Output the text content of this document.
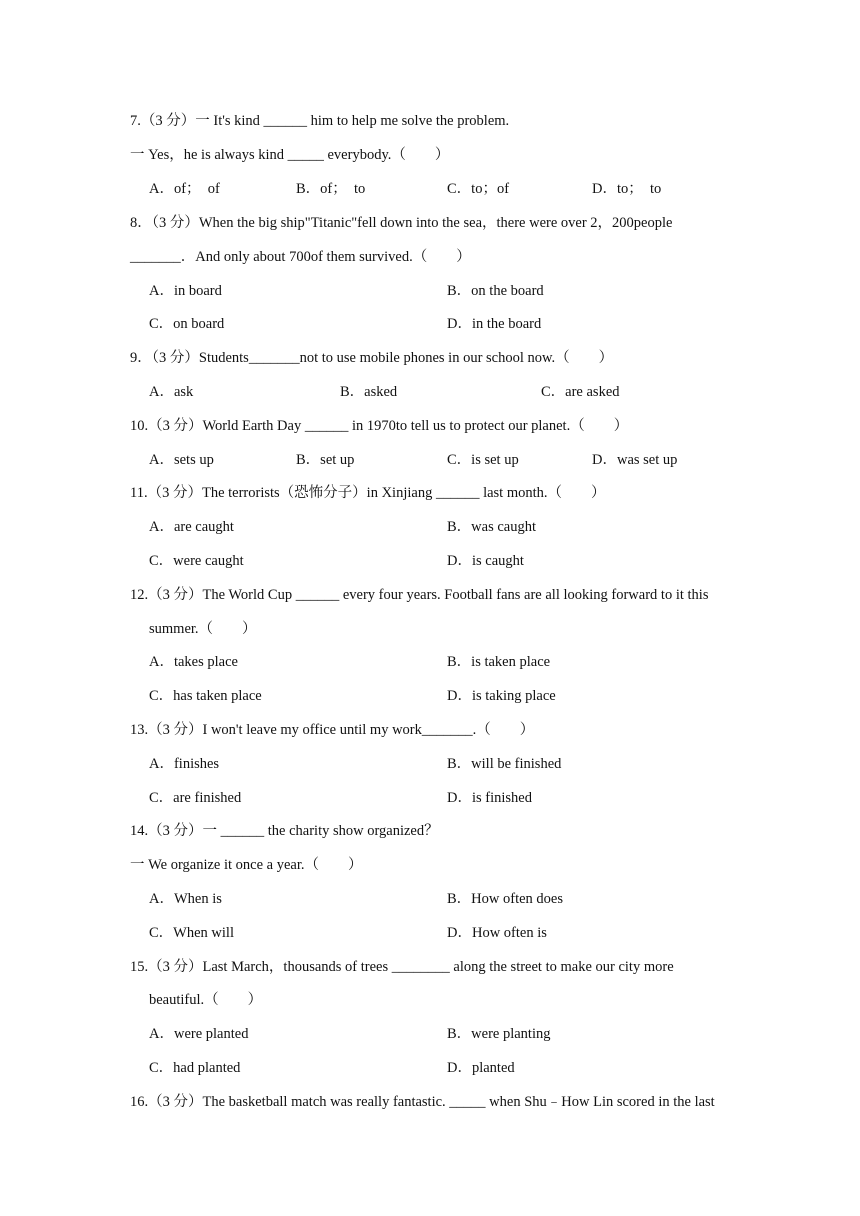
7.（3 分）一 It's kind ______ him to help me solve the problem.
一 Yes，he is always kind _____ everybody.（　　）
A．of；　of	B．of；　to	C．to；of	D．to；　to
8．（3 分）When the big ship"Titanic"fell down into the sea，there were over 2，200people
_______．And only about 700of them survived.（　　）
A．in board	B．on the board
C．on board	D．in the board
9．（3 分）Students_______not to use mobile phones in our school now.（　　）
A．ask	B．asked	C．are asked
10.（3 分）World Earth Day ______ in 1970to tell us to protect our planet.（　　）
A．sets up	B．set up	C．is set up	D．was set up
11.（3 分）The terrorists（恐怖分子）in Xinjiang ______ last month.（　　）
A．are caught	B．was caught
C．were caught	D．is caught
12.（3 分）The World Cup ______ every four years. Football fans are all looking forward to it this
summer.（　　）
A．takes place	B．is taken place
C．has taken place	D．is taking place
13.（3 分）I won't leave my office until my work_______.（　　）
A．finishes	B．will be finished
C．are finished	D．is finished
14.（3 分）一 ______ the charity show organized？
一 We organize it once a year.（　　）
A．When is	B．How often does
C．When will	D．How often is
15.（3 分）Last March，thousands of trees ________ along the street to make our city more
beautiful.（　　）
A．were planted	B．were planting
C．had planted	D．planted
16.（3 分）The basketball match was really fantastic. _____ when Shu﹣How Lin scored in the last
